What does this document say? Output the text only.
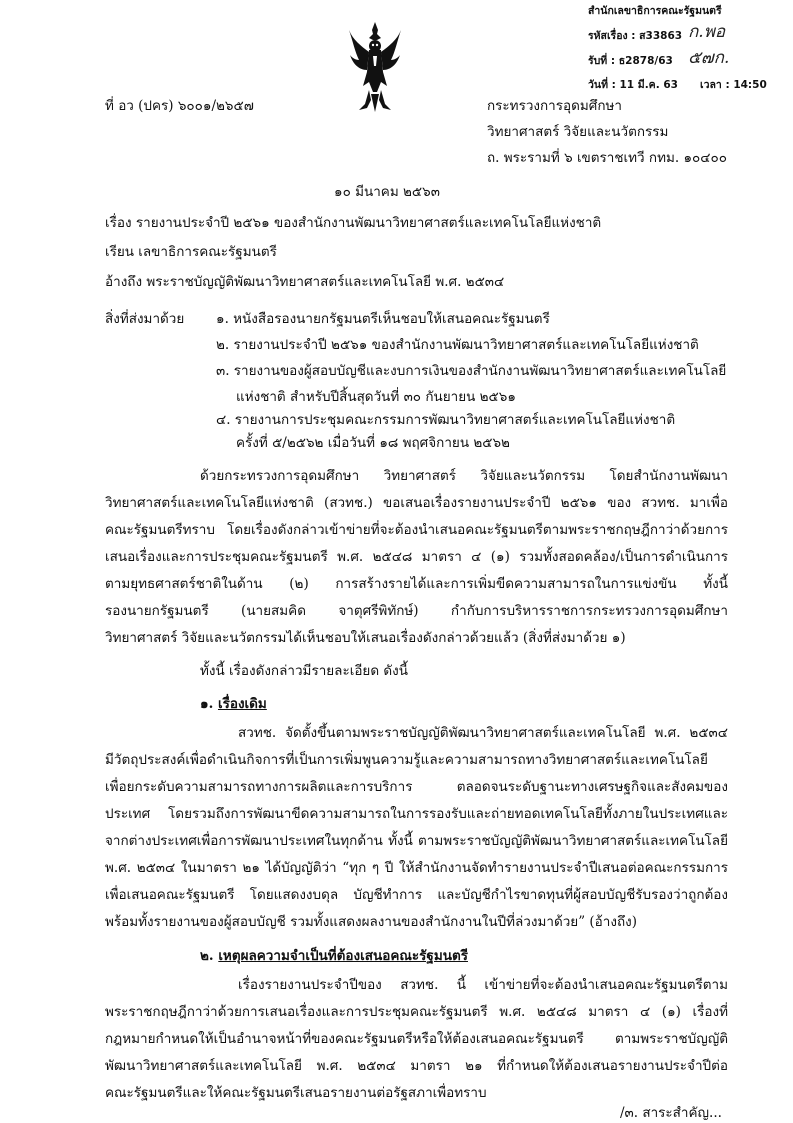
สำนักเลขาธิการคณะรัฐมนตรี
รหัสเรื่อง : ส33863 ก.พอ
รับที่ : ธ2878/63 ๕๗ก.
วันที่ : 11 มี.ค. 63 เวลา : 14:50
ที่ อว (ปคร) ๖๐๐๑/๒๖๕๗	กระทรวงการอุดมศึกษา
วิทยาศาสตร์ วิจัยและนวัตกรรม
ถ. พระรามที่ ๖ เขตราชเทวี กทม. ๑๐๔๐๐
๑๐ มีนาคม ๒๕๖๓
เรื่อง รายงานประจำปี ๒๕๖๑ ของสำนักงานพัฒนาวิทยาศาสตร์และเทคโนโลยีแห่งชาติ
เรียน เลขาธิการคณะรัฐมนตรี
อ้างถึง พระราชบัญญัติพัฒนาวิทยาศาสตร์และเทคโนโลยี พ.ศ. ๒๕๓๔
สิ่งที่ส่งมาด้วย ๑. หนังสือรองนายกรัฐมนตรีเห็นชอบให้เสนอคณะรัฐมนตรี
๒. รายงานประจำปี ๒๕๖๑ ของสำนักงานพัฒนาวิทยาศาสตร์และเทคโนโลยีแห่งชาติ
๓. รายงานของผู้สอบบัญชีและงบการเงินของสำนักงานพัฒนาวิทยาศาสตร์และเทคโนโลยี
แห่งชาติ สำหรับปีสิ้นสุดวันที่ ๓๐ กันยายน ๒๕๖๑
๔. รายงานการประชุมคณะกรรมการพัฒนาวิทยาศาสตร์และเทคโนโลยีแห่งชาติ
ครั้งที่ ๕/๒๕๖๒ เมื่อวันที่ ๑๘ พฤศจิกายน ๒๕๖๒
ด้วยกระทรวงการอุดมศึกษา วิทยาศาสตร์ วิจัยและนวัตกรรม โดยสำนักงานพัฒนา
วิทยาศาสตร์และเทคโนโลยีแห่งชาติ (สวทช.) ขอเสนอเรื่องรายงานประจำปี ๒๕๖๑ ของ สวทช. มาเพื่อ
คณะรัฐมนตรีทราบ โดยเรื่องดังกล่าวเข้าข่ายที่จะต้องนำเสนอคณะรัฐมนตรีตามพระราชกฤษฎีกาว่าด้วยการ
เสนอเรื่องและการประชุมคณะรัฐมนตรี พ.ศ. ๒๕๔๘ มาตรา ๔ (๑) รวมทั้งสอดคล้อง/เป็นการดำเนินการ
ตามยุทธศาสตร์ชาติในด้าน (๒) การสร้างรายได้และการเพิ่มขีดความสามารถในการแข่งขัน ทั้งนี้
รองนายกรัฐมนตรี (นายสมคิด จาตุศรีพิทักษ์) กำกับการบริหารราชการกระทรวงการอุดมศึกษา
วิทยาศาสตร์ วิจัยและนวัตกรรมได้เห็นชอบให้เสนอเรื่องดังกล่าวด้วยแล้ว (สิ่งที่ส่งมาด้วย ๑)
ทั้งนี้ เรื่องดังกล่าวมีรายละเอียด ดังนี้
๑. เรื่องเดิม
สวทช. จัดตั้งขึ้นตามพระราชบัญญัติพัฒนาวิทยาศาสตร์และเทคโนโลยี พ.ศ. ๒๕๓๔
มีวัตถุประสงค์เพื่อดำเนินกิจการที่เป็นการเพิ่มพูนความรู้และความสามารถทางวิทยาศาสตร์และเทคโนโลยี
เพื่อยกระดับความสามารถทางการผลิตและการบริการ ตลอดจนระดับฐานะทางเศรษฐกิจและสังคมของ
ประเทศ โดยรวมถึงการพัฒนาขีดความสามารถในการรองรับและถ่ายทอดเทคโนโลยีทั้งภายในประเทศและ
จากต่างประเทศเพื่อการพัฒนาประเทศในทุกด้าน ทั้งนี้ ตามพระราชบัญญัติพัฒนาวิทยาศาสตร์และเทคโนโลยี
พ.ศ. ๒๕๓๔ ในมาตรา ๒๑ ได้บัญญัติว่า “ทุก ๆ ปี ให้สำนักงานจัดทำรายงานประจำปีเสนอต่อคณะกรรมการ
เพื่อเสนอคณะรัฐมนตรี โดยแสดงงบดุล บัญชีทำการ และบัญชีกำไรขาดทุนที่ผู้สอบบัญชีรับรองว่าถูกต้อง
พร้อมทั้งรายงานของผู้สอบบัญชี รวมทั้งแสดงผลงานของสำนักงานในปีที่ล่วงมาด้วย” (อ้างถึง)
๒. เหตุผลความจำเป็นที่ต้องเสนอคณะรัฐมนตรี
เรื่องรายงานประจำปีของ สวทช. นี้ เข้าข่ายที่จะต้องนำเสนอคณะรัฐมนตรีตาม
พระราชกฤษฎีกาว่าด้วยการเสนอเรื่องและการประชุมคณะรัฐมนตรี พ.ศ. ๒๕๔๘ มาตรา ๔ (๑) เรื่องที่
กฎหมายกำหนดให้เป็นอำนาจหน้าที่ของคณะรัฐมนตรีหรือให้ต้องเสนอคณะรัฐมนตรี ตามพระราชบัญญัติ
พัฒนาวิทยาศาสตร์และเทคโนโลยี พ.ศ. ๒๕๓๔ มาตรา ๒๑ ที่กำหนดให้ต้องเสนอรายงานประจำปีต่อ
คณะรัฐมนตรีและให้คณะรัฐมนตรีเสนอรายงานต่อรัฐสภาเพื่อทราบ
/๓. สาระสำคัญ...
